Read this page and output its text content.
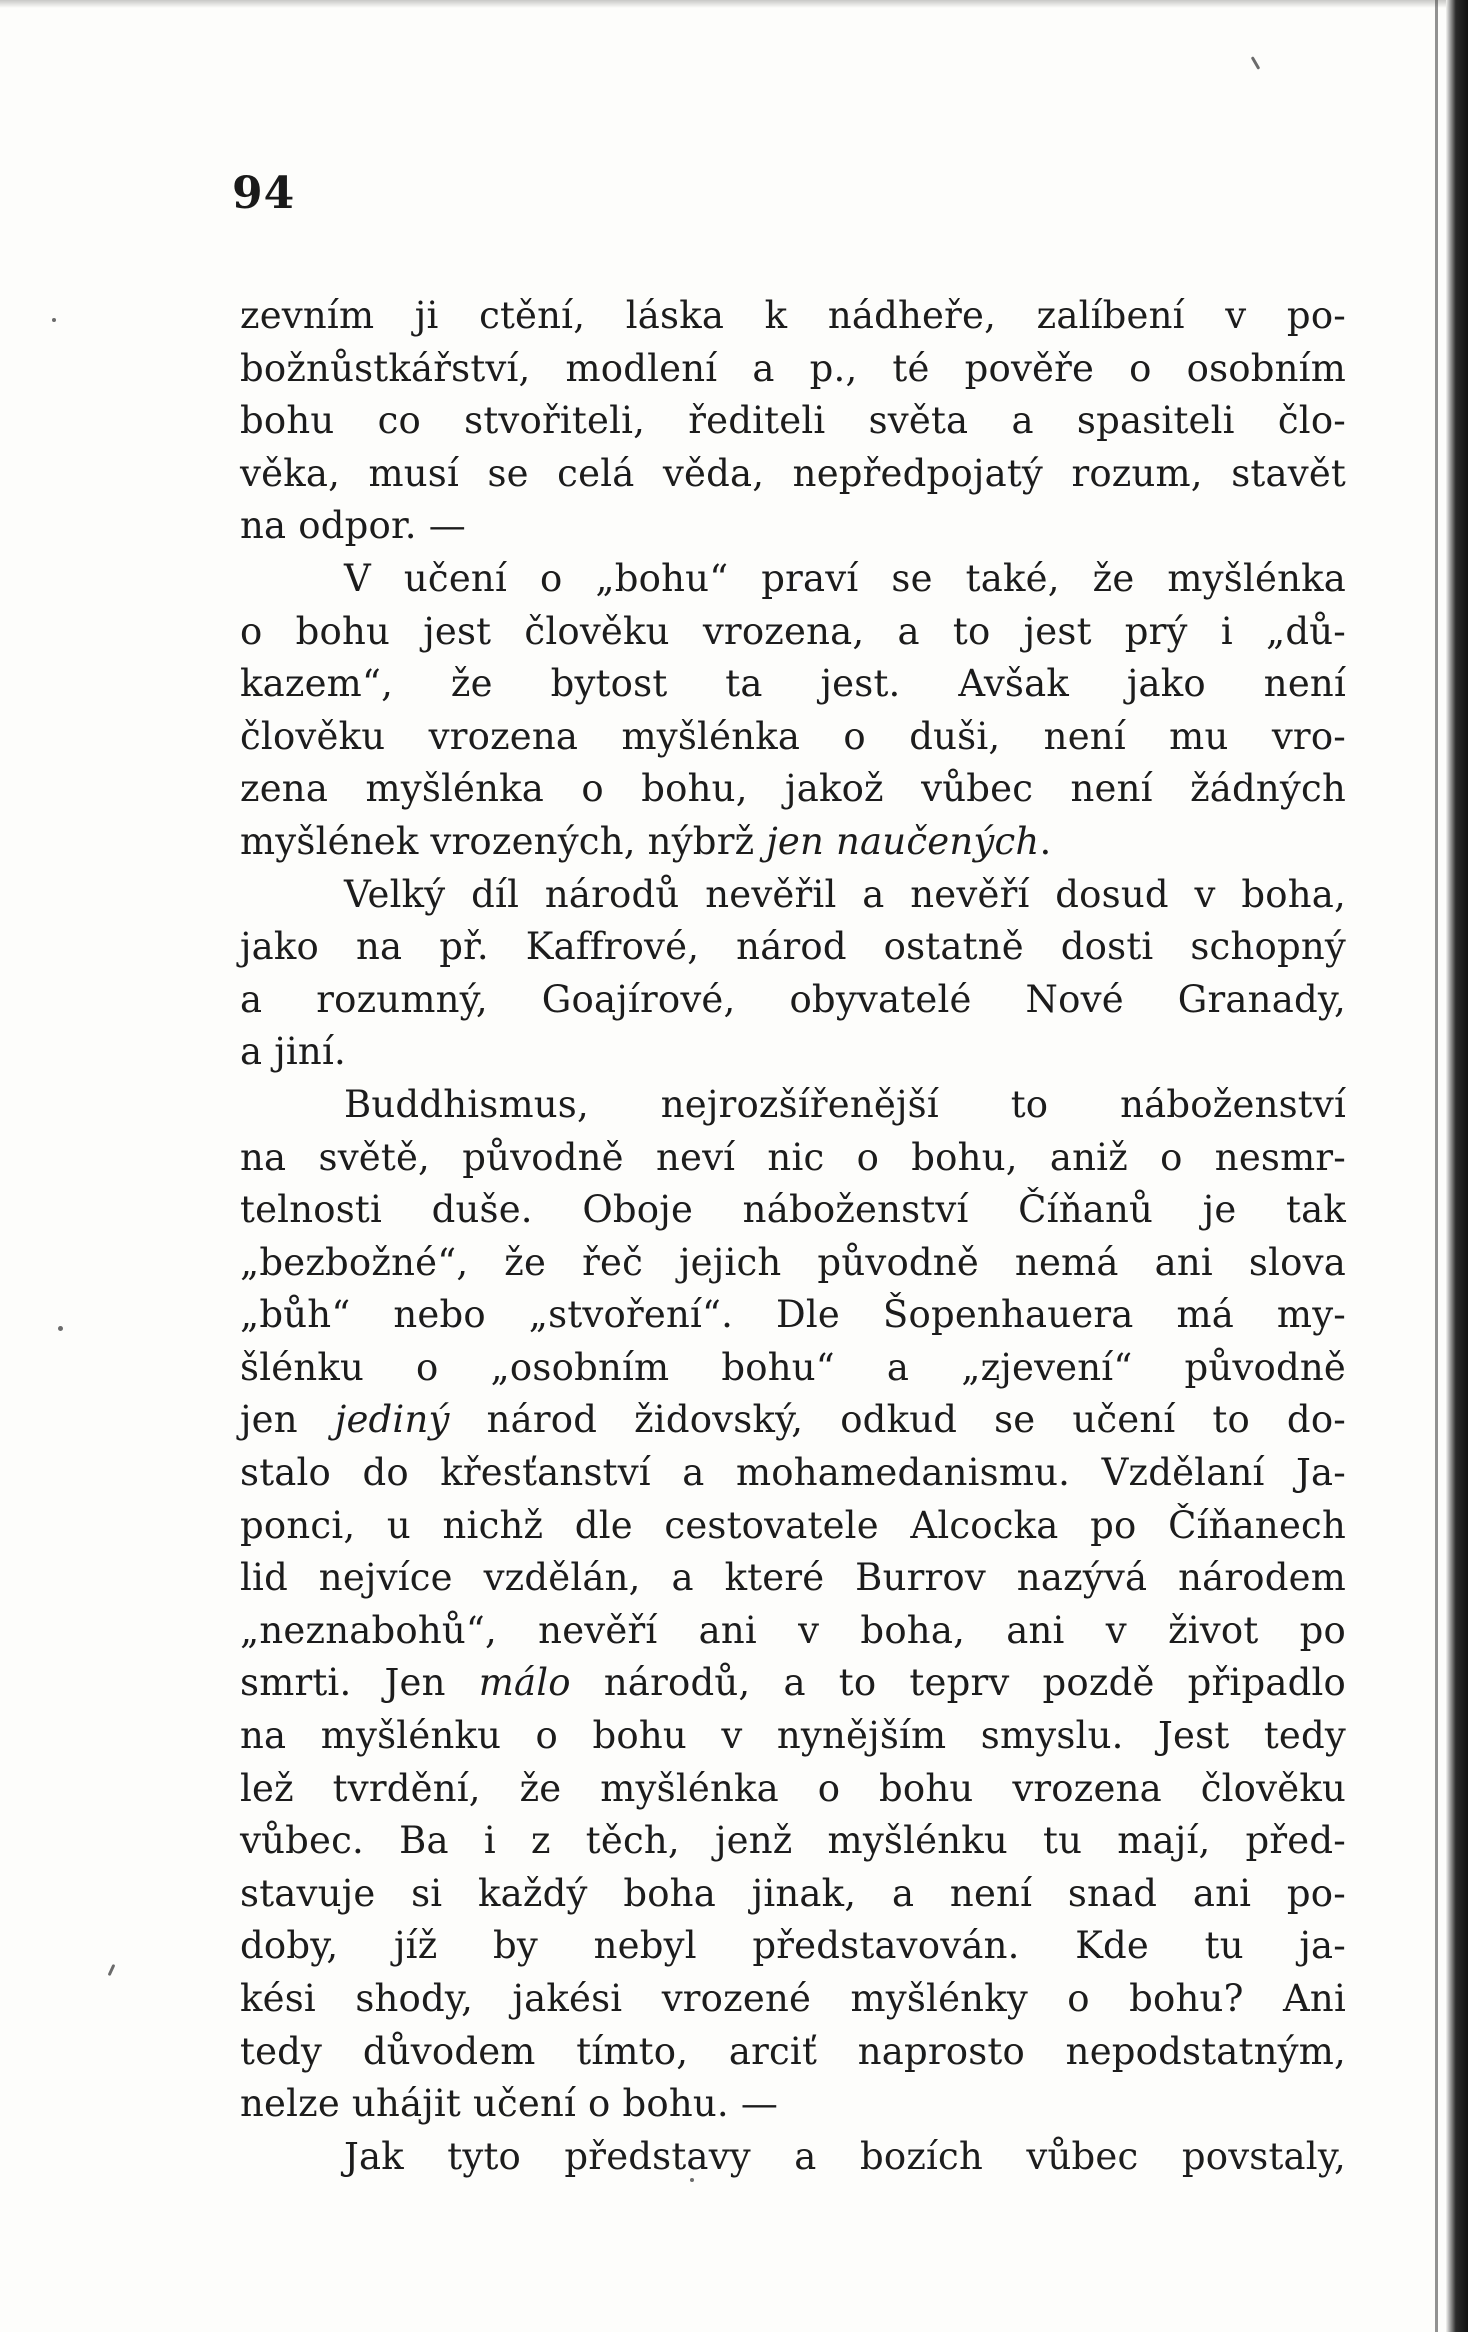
94
zevním ji ctění, láska k nádheře, zalíbení v po-
božnůstkářství, modlení a p., té pověře o osobním
bohu co stvořiteli, řediteli světa a spasiteli člo-
věka, musí se celá věda, nepředpojatý rozum, stavět
na odpor. —
V učení o „bohu“ praví se také, že myšlénka
o bohu jest člověku vrozena, a to jest prý i „dů-
kazem“, že bytost ta jest. Avšak jako není
člověku vrozena myšlénka o duši, není mu vro-
zena myšlénka o bohu, jakož vůbec není žádných
myšlének vrozených, nýbrž jen naučených.
Velký díl národů nevěřil a nevěří dosud v boha,
jako na př. Kaffrové, národ ostatně dosti schopný
a rozumný, Goajírové, obyvatelé Nové Granady,
a jiní.
Buddhismus, nejrozšířenější to náboženství
na světě, původně neví nic o bohu, aniž o nesmr-
telnosti duše. Oboje náboženství Číňanů je tak
„bezbožné“, že řeč jejich původně nemá ani slova
„bůh“ nebo „stvoření“. Dle Šopenhauera má my-
šlénku o „osobním bohu“ a „zjevení“ původně
jen jediný národ židovský, odkud se učení to do-
stalo do křesťanství a mohamedanismu. Vzdělaní Ja-
ponci, u nichž dle cestovatele Alcocka po Číňanech
lid nejvíce vzdělán, a které Burrov nazývá národem
„neznabohů“, nevěří ani v boha, ani v život po
smrti. Jen málo národů, a to teprv pozdě připadlo
na myšlénku o bohu v nynějším smyslu. Jest tedy
lež tvrdění, že myšlénka o bohu vrozena člověku
vůbec. Ba i z těch, jenž myšlénku tu mají, před-
stavuje si každý boha jinak, a není snad ani po-
doby, jíž by nebyl představován. Kde tu ja-
kési shody, jakési vrozené myšlénky o bohu? Ani
tedy důvodem tímto, arciť naprosto nepodstatným,
nelze uhájit učení o bohu. —
Jak tyto představy a bozích vůbec povstaly,
